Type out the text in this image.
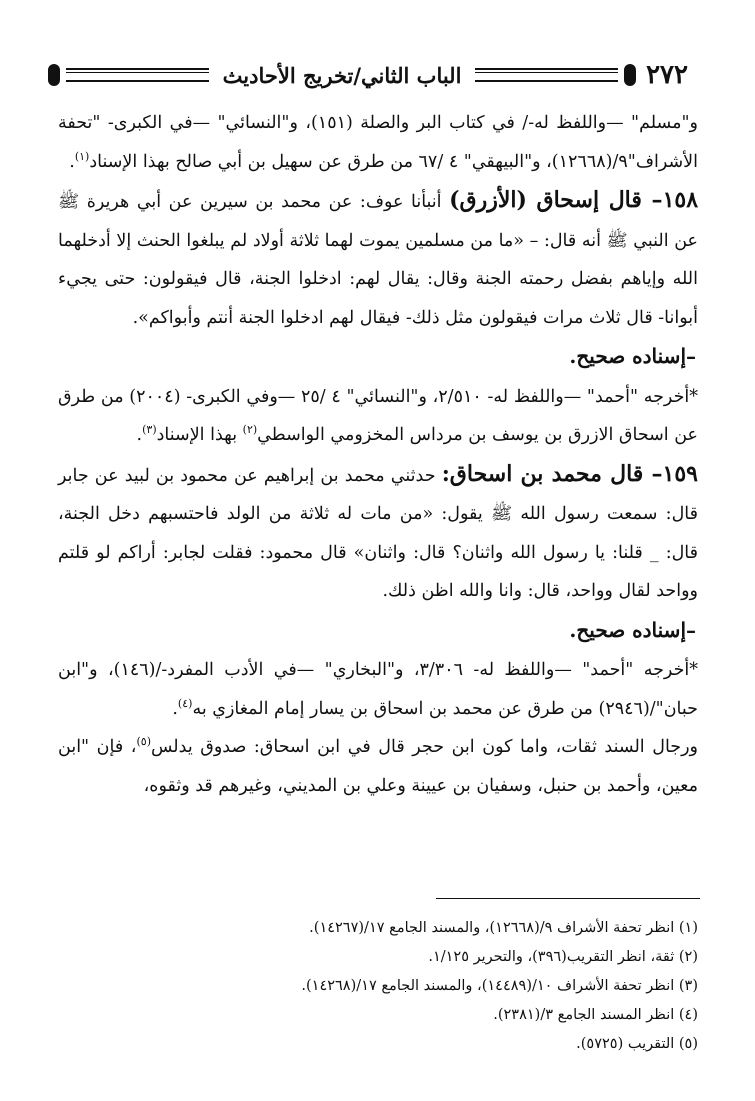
٢٧٢
الباب الثاني/تخريج الأحاديث

و"مسلم" —واللفظ له-/ في كتاب البر والصلة (١٥١)، و"النسائي" —في الكبرى- "تحفة الأشراف"٩/(١٢٦٦٨)، و"البيهقي" ٤ /٦٧ من طرق عن سهيل بن أبي صالح بهذا الإسناد$^{(١)}$.

١٥٨– قال إسحاق (الأزرق) أنبأنا عوف: عن محمد بن سيرين عن أبي هريرة ﷺ عن النبي ﷺ أنه قال: – «ما من مسلمين يموت لهما ثلاثة أولاد لم يبلغوا الحنث إلا أدخلهما الله وإياهم بفضل رحمته الجنة وقال: يقال لهم: ادخلوا الجنة، قال فيقولون: حتى يجيء أبوانا- قال ثلاث مرات فيقولون مثل ذلك- فيقال لهم ادخلوا الجنة أنتم وأبواكم».

–إسناده صحيح.

*أخرجه "أحمد" —واللفظ له- ٢/٥١٠، و"النسائي" ٤ /٢٥ —وفي الكبرى- (٢٠٠٤) من طرق عن اسحاق الازرق بن يوسف بن مرداس المخزومي الواسطي$^{(٢)}$ بهذا الإسناد$^{(٣)}$.

١٥٩– قال محمد بن اسحاق: حدثني محمد بن إبراهيم عن محمود بن لبيد عن جابر قال: سمعت رسول الله ﷺ يقول: «من مات له ثلاثة من الولد فاحتسبهم دخل الجنة، قال: _ قلنا: يا رسول الله واثنان؟ قال: واثنان» قال محمود: فقلت لجابر: أراكم لو قلتم وواحد لقال وواحد، قال: وانا والله اظن ذلك.

–إسناده صحيح.

*أخرجه "أحمد" —واللفظ له- ٣/٣٠٦، و"البخاري" —في الأدب المفرد-/(١٤٦)، و"ابن حبان"/(٢٩٤٦) من طرق عن محمد بن اسحاق بن يسار إمام المغازي به$^{(٤)}$.

ورجال السند ثقات، واما كون ابن حجر قال في ابن اسحاق: صدوق يدلس$^{(٥)}$، فإن "ابن معين، وأحمد بن حنبل، وسفيان بن عيينة وعلي بن المديني، وغيرهم قد وثقوه،

(١) انظر تحفة الأشراف ٩/(١٢٦٦٨)، والمسند الجامع ١٧/(١٤٢٦٧).

(٢) ثقة، انظر التقريب(٣٩٦)، والتحرير ١/١٢٥.

(٣) انظر تحفة الأشراف ١٠/(١٤٤٨٩)، والمسند الجامع ١٧/(١٤٢٦٨).

(٤) انظر المسند الجامع ٣/(٢٣٨١).

(٥) التقريب (٥٧٢٥).
